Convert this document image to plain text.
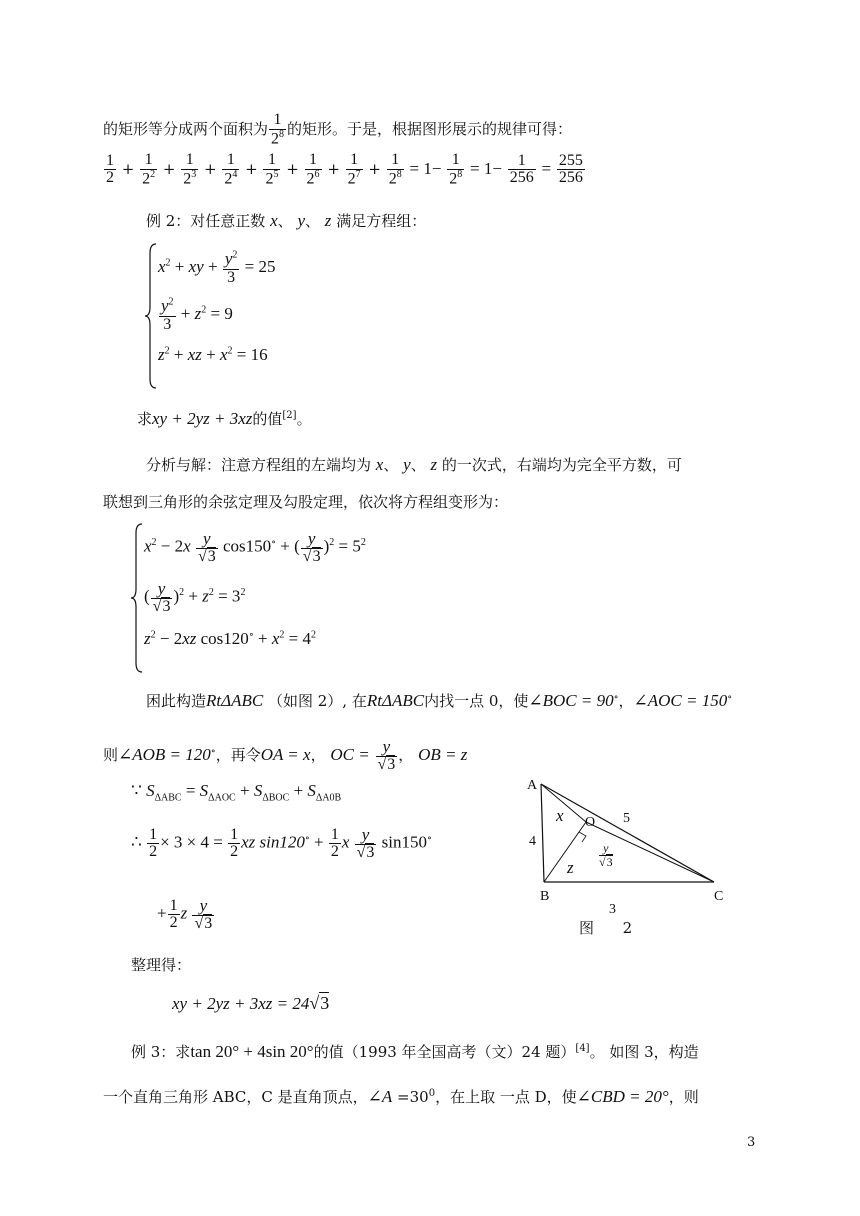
的矩形等分成两个面积为 $\frac{1}{2^8}$ 的矩形。于是，根据图形展示的规律可得：
$\frac{1}{2} + \frac{1}{2^2} + \frac{1}{2^3} + \frac{1}{2^4} + \frac{1}{2^5} + \frac{1}{2^6} + \frac{1}{2^7} + \frac{1}{2^8} = 1- \frac{1}{2^8} = 1- \frac{1}{256} = \frac{255}{256}$
例 2：对任意正数 x、 y、 z 满足方程组：
$x^2$ + xy + $\frac{y^2}{3} = 25$
$\frac{y^2}{3} + z^2 = 9$
$z^2$ + xz + $x^2 = 16$
求xy + 2yz + 3xz的值[2]。
分析与解：注意方程组的左端均为 x、 y、 z 的一次式，右端均为完全平方数，可
联想到三角形的余弦定理及勾股定理，依次将方程组变形为：
$x^2 - 2x \frac{y}{√3} \cos 150^\circ$ + ( $\frac{y}{√3} )^2 = 5^2$
( $\frac{y}{√3} )^2 + z^2 = 3^2$
$z^2 - 2xz$ $\cos 120^\circ + x^2 = 4^2$
困此构造RtΔABC （如图 2）, 在RtΔABC内找一点 0，使∠BOC = 90∘，∠AOC = 150∘
则∠AOB = 120∘，再令OA = x， OC = $\frac{y}{√3}$ ， OB = z
∵ $S_{\Delta ABC} = S_{\Delta AOC} + S_{\Delta BOC} + S_{\Delta A0B}$
∴ $\frac{1}{2} \times 3 \times 4 = \frac{1}{2}$ xz $\sin 120^\circ + \frac{1}{2}$ x $\frac{y}{√3} \sin 150^\circ$
+ $\frac{1}{2}$ z $\frac{y}{√3}$
整理得：
xy + 2yz + 3xz = 24√3
A
B	C
O
x
z
4
5
3
y
√3
图 2
例 3：求tan 20° + 4sin 20°的值（1993 年全国高考（文）24 题）[4]。 如图 3，构造
一个直角三角形 ABC，C 是直角顶点，∠A $=30^0$，在上取 一点 D，使∠CBD = 20°，则
3
